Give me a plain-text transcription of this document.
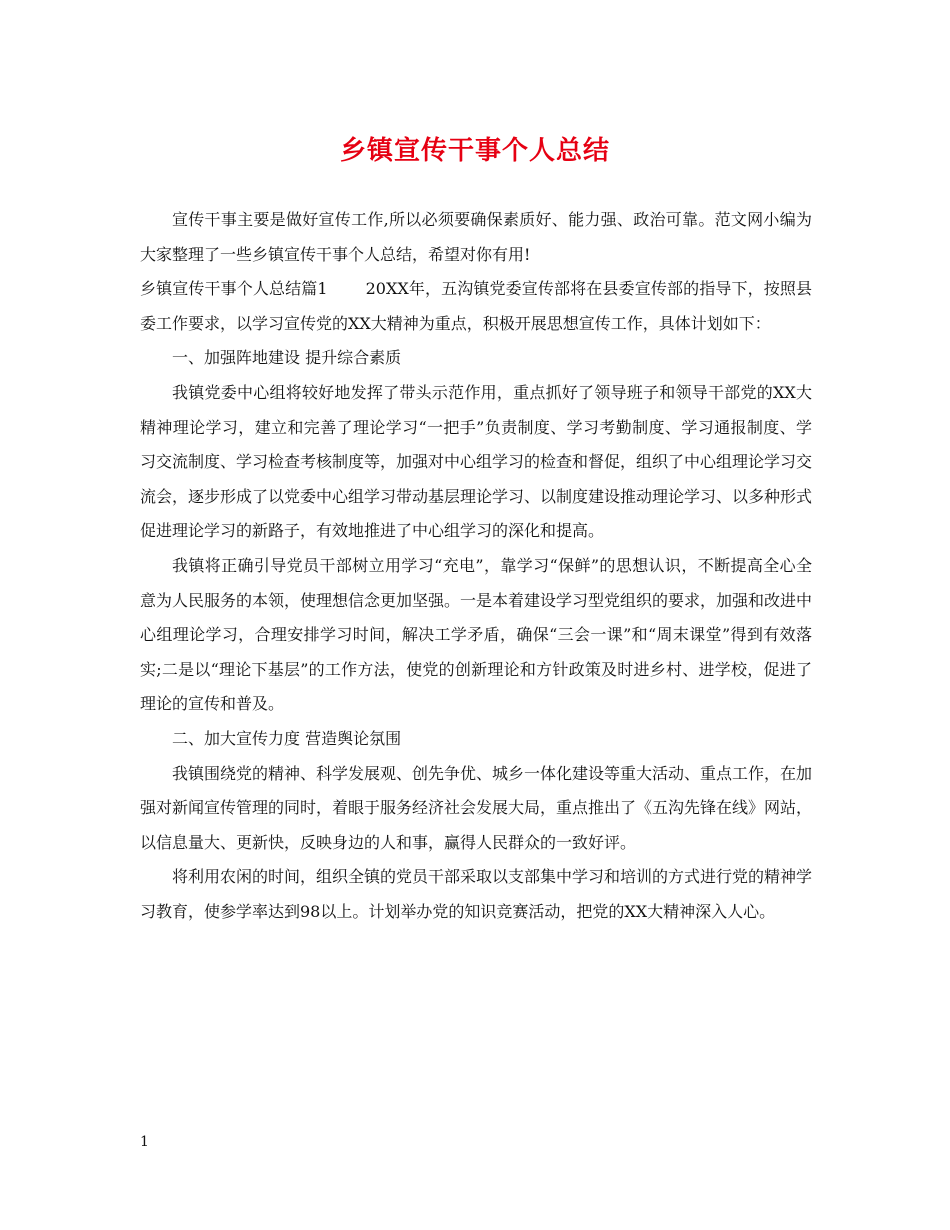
乡镇宣传干事个人总结

宣传干事主要是做好宣传工作,所以必须要确保素质好、能力强、政治可靠。范文网小编为大家整理了一些乡镇宣传干事个人总结，希望对你有用!

乡镇宣传干事个人总结篇1 20XX年，五沟镇党委宣传部将在县委宣传部的指导下，按照县委工作要求，以学习宣传党的XX大精神为重点，积极开展思想宣传工作，具体计划如下：

一、加强阵地建设 提升综合素质

我镇党委中心组将较好地发挥了带头示范作用，重点抓好了领导班子和领导干部党的XX大精神理论学习，建立和完善了理论学习“一把手”负责制度、学习考勤制度、学习通报制度、学习交流制度、学习检查考核制度等，加强对中心组学习的检查和督促，组织了中心组理论学习交流会，逐步形成了以党委中心组学习带动基层理论学习、以制度建设推动理论学习、以多种形式促进理论学习的新路子，有效地推进了中心组学习的深化和提高。

我镇将正确引导党员干部树立用学习“充电”，靠学习“保鲜”的思想认识，不断提高全心全意为人民服务的本领，使理想信念更加坚强。一是本着建设学习型党组织的要求，加强和改进中心组理论学习，合理安排学习时间，解决工学矛盾，确保“三会一课”和“周末课堂”得到有效落实;二是以“理论下基层”的工作方法，使党的创新理论和方针政策及时进乡村、进学校，促进了理论的宣传和普及。

二、加大宣传力度 营造舆论氛围

我镇围绕党的精神、科学发展观、创先争优、城乡一体化建设等重大活动、重点工作，在加强对新闻宣传管理的同时，着眼于服务经济社会发展大局，重点推出了《五沟先锋在线》网站，以信息量大、更新快，反映身边的人和事，赢得人民群众的一致好评。

将利用农闲的时间，组织全镇的党员干部采取以支部集中学习和培训的方式进行党的精神学习教育，使参学率达到98以上。计划举办党的知识竞赛活动，把党的XX大精神深入人心。

1
